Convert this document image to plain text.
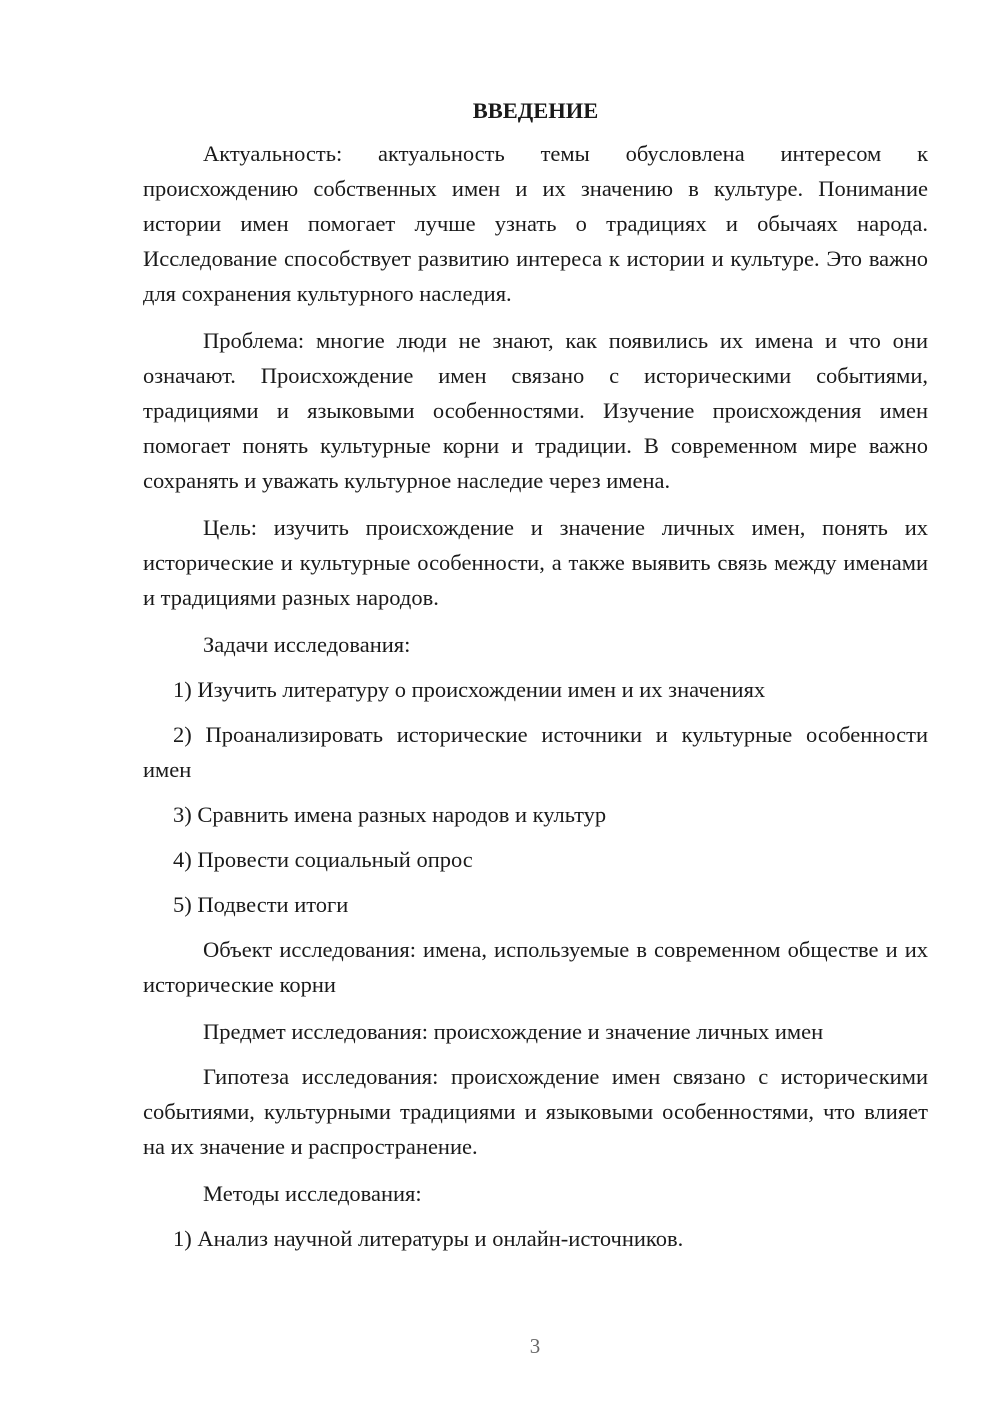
ВВЕДЕНИЕ

Актуальность: актуальность темы обусловлена интересом к происхождению собственных имен и их значению в культуре. Понимание истории имен помогает лучше узнать о традициях и обычаях народа. Исследование способствует развитию интереса к истории и культуре. Это важно для сохранения культурного наследия.

Проблема: многие люди не знают, как появились их имена и что они означают. Происхождение имен связано с историческими событиями, традициями и языковыми особенностями. Изучение происхождения имен помогает понять культурные корни и традиции. В современном мире важно сохранять и уважать культурное наследие через имена.

Цель: изучить происхождение и значение личных имен, понять их исторические и культурные особенности, а также выявить связь между именами и традициями разных народов.

Задачи исследования:

1) Изучить литературу о происхождении имен и их значениях

2) Проанализировать исторические источники и культурные особенности имен

3) Сравнить имена разных народов и культур

4) Провести социальный опрос

5) Подвести итоги

Объект исследования: имена, используемые в современном обществе и их исторические корни

Предмет исследования: происхождение и значение личных имен

Гипотеза исследования: происхождение имен связано с историческими событиями, культурными традициями и языковыми особенностями, что влияет на их значение и распространение.

Методы исследования:

1) Анализ научной литературы и онлайн-источников.

3
